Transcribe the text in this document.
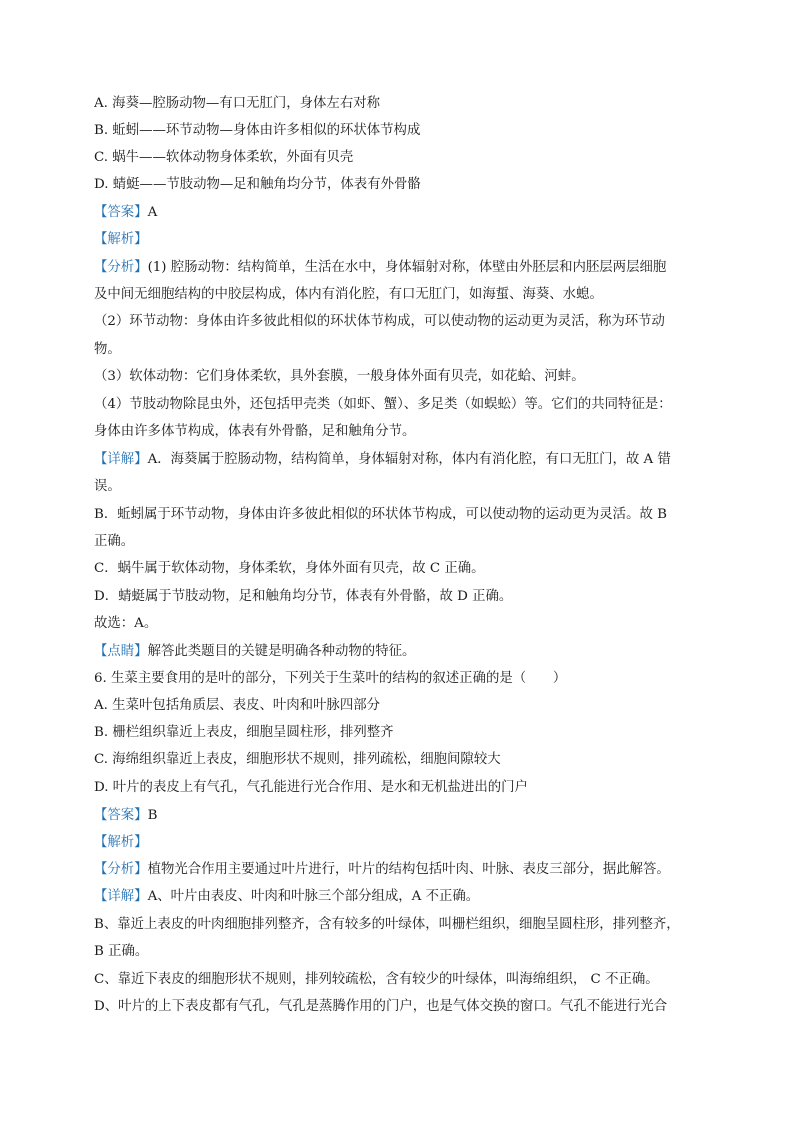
A. 海葵—腔肠动物—有口无肛门，身体左右对称
B. 蚯蚓——环节动物—身体由许多相似的环状体节构成
C. 蜗牛——软体动物身体柔软，外面有贝壳
D. 蜻蜓——节肢动物—足和触角均分节，体表有外骨骼
【答案】A
【解析】
【分析】(1) 腔肠动物：结构简单，生活在水中，身体辐射对称，体壁由外胚层和内胚层两层细胞
及中间无细胞结构的中胶层构成，体内有消化腔，有口无肛门，如海蜇、海葵、水螅。
（2）环节动物：身体由许多彼此相似的环状体节构成，可以使动物的运动更为灵活，称为环节动
物。
（3）软体动物：它们身体柔软，具外套膜，一般身体外面有贝壳，如花蛤、河蚌。
（4）节肢动物除昆虫外，还包括甲壳类（如虾、蟹）、多足类（如蜈蚣）等。它们的共同特征是：
身体由许多体节构成，体表有外骨骼，足和触角分节。
【详解】A．海葵属于腔肠动物，结构简单，身体辐射对称，体内有消化腔，有口无肛门，故 A 错
误。
B．蚯蚓属于环节动物，身体由许多彼此相似的环状体节构成，可以使动物的运动更为灵活。故 B
正确。
C．蜗牛属于软体动物，身体柔软，身体外面有贝壳，故 C 正确。
D．蜻蜓属于节肢动物，足和触角均分节，体表有外骨骼，故 D 正确。
故选：A。
【点睛】解答此类题目的关键是明确各种动物的特征。
6. 生菜主要食用的是叶的部分，下列关于生菜叶的结构的叙述正确的是（　　）
A. 生菜叶包括角质层、表皮、叶肉和叶脉四部分
B. 栅栏组织靠近上表皮，细胞呈圆柱形，排列整齐
C. 海绵组织靠近上表皮，细胞形状不规则，排列疏松，细胞间隙较大
D. 叶片的表皮上有气孔，气孔能进行光合作用、是水和无机盐进出的门户
【答案】B
【解析】
【分析】植物光合作用主要通过叶片进行，叶片的结构包括叶肉、叶脉、表皮三部分，据此解答。
【详解】A、叶片由表皮、叶肉和叶脉三个部分组成，A 不正确。
B、靠近上表皮的叶肉细胞排列整齐，含有较多的叶绿体，叫栅栏组织，细胞呈圆柱形，排列整齐，
B 正确。
C、靠近下表皮的细胞形状不规则，排列较疏松，含有较少的叶绿体，叫海绵组织， C 不正确。
D、叶片的上下表皮都有气孔，气孔是蒸腾作用的门户，也是气体交换的窗口。气孔不能进行光合
